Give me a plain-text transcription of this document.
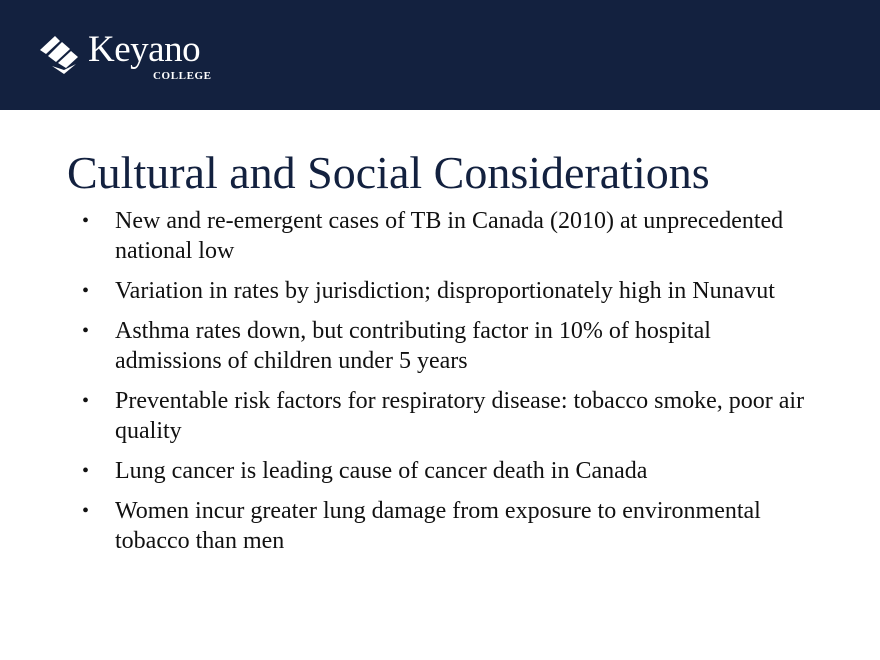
Keyano
COLLEGE
Cultural and Social Considerations
• New and re-emergent cases of TB in Canada (2010) at unprecedented national low
• Variation in rates by jurisdiction; disproportionately high in Nunavut
• Asthma rates down, but contributing factor in 10% of hospital admissions of children under 5 years
• Preventable risk factors for respiratory disease: tobacco smoke, poor air quality
• Lung cancer is leading cause of cancer death in Canada
• Women incur greater lung damage from exposure to environmental tobacco than men
